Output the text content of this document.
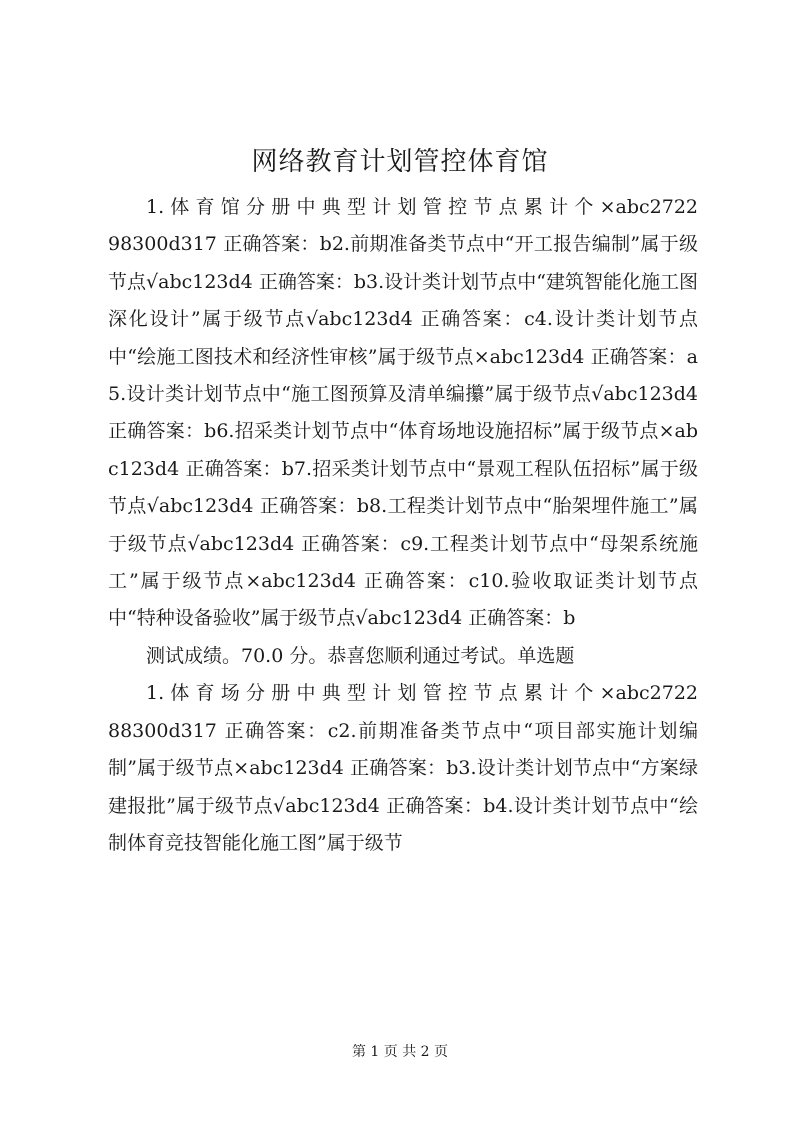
网络教育计划管控体育馆

1. 体 育 馆 分 册 中 典 型 计 划 管 控 节 点 累 计 个 ×abc272298300d317 正确答案：b2.前期准备类节点中“开工报告编制”属于级节点√abc123d4 正确答案：b3.设计类计划节点中“建筑智能化施工图深化设计”属于级节点√abc123d4 正确答案：c4.设计类计划节点中“绘施工图技术和经济性审核”属于级节点×abc123d4 正确答案：a5.设计类计划节点中“施工图预算及清单编攥”属于级节点√abc123d4 正确答案：b6.招采类计划节点中“体育场地设施招标”属于级节点×abc123d4 正确答案：b7.招采类计划节点中“景观工程队伍招标”属于级节点√abc123d4 正确答案：b8.工程类计划节点中“胎架埋件施工”属于级节点√abc123d4 正确答案：c9.工程类计划节点中“母架系统施工”属于级节点×abc123d4 正确答案：c10.验收取证类计划节点中“特种设备验收”属于级节点√abc123d4 正确答案：b

测试成绩。70.0 分。恭喜您顺利通过考试。单选题

1. 体 育 场 分 册 中 典 型 计 划 管 控 节 点 累 计 个 ×abc272288300d317 正确答案：c2.前期准备类节点中“项目部实施计划编制”属于级节点×abc123d4 正确答案：b3.设计类计划节点中“方案绿建报批”属于级节点√abc123d4 正确答案：b4.设计类计划节点中“绘制体育竞技智能化施工图”属于级节

第 1 页 共 2 页
